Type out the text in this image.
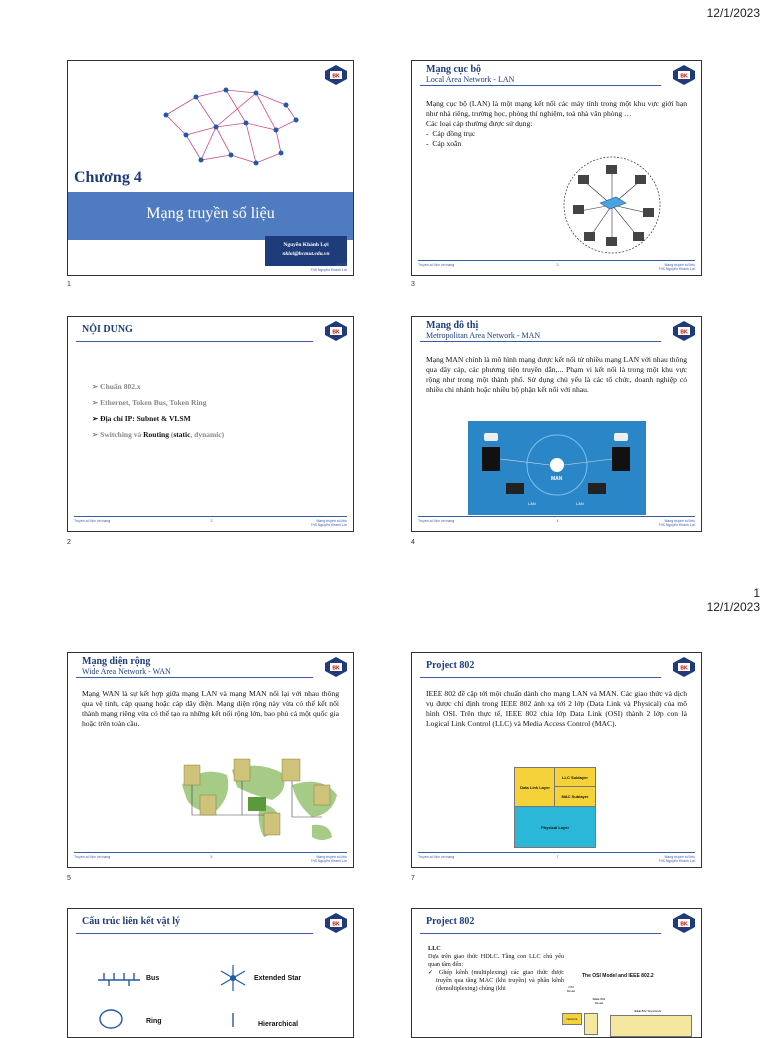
12/1/2023
1
12/1/2023
BK
Chương 4
Mạng truyền số liệu
Nguyễn Khánh Lợi
nkloi@hcmut.edu.vn
4/2018
ThS Nguyễn Khánh Lợi
1
Mạng cục bộ
Local Area Network - LAN	BK
Mạng cục bộ (LAN) là một mạng kết nối các máy tính trong một khu vực giới hạn như nhà riêng, trường học, phòng thí nghiệm, toà nhà văn phòng …
Các loại cáp thường được sử dụng:
-  Cáp đồng trục
-  Cáp xoắn
Truyền số liệu và mạng	3	Mạng truyền số liệu
ThS Nguyễn Khánh Lợi
3
NỘI DUNG	BK
➢ Chuẩn 802.x
➢ Ethernet, Token Bus, Token Ring
➢ Địa chỉ IP: Subnet & VLSM
➢ Switching và Routing (static, dynamic)
Truyền số liệu và mạng	2	Mạng truyền số liệu
ThS Nguyễn Khánh Lợi
2
Mạng đô thị
Metropolitan Area Network - MAN	BK
Mạng MAN chính là mô hình mạng được kết nối từ nhiều mạng LAN với nhau thông qua dây cáp, các phương tiện truyền dẫn,... Phạm vi kết nối là trong một khu vực rộng như trong một thành phố. Sử dụng chủ yếu là các tổ chức, doanh nghiệp có nhiều chi nhánh hoặc nhiều bộ phận kết nối với nhau.
MAN
LAN	LAN
Truyền số liệu và mạng	4	Mạng truyền số liệu
ThS Nguyễn Khánh Lợi
4
Mạng diện rộng
Wide Area Network - WAN	BK
Mạng WAN là sự kết hợp giữa mạng LAN và mạng MAN nối lại với nhau thông qua vệ tinh, cáp quang hoặc cáp dây điện. Mạng diện rộng này vừa có thể kết nối thành mạng riêng vừa có thể tạo ra những kết nối rộng lớn, bao phủ cả một quốc gia hoặc trên toàn cầu.
Truyền số liệu và mạng	5	Mạng truyền số liệu
ThS Nguyễn Khánh Lợi
5
Project 802	BK
IEEE 802 đề cập tới một chuẩn dành cho mạng LAN và MAN. Các giao thức và dịch vụ được chỉ định trong IEEE 802 ánh xạ tới 2 lớp (Data Link và Physical) của mô hình OSI. Trên thực tế, IEEE 802 chia lớp Data Link (OSI) thành 2 lớp con là Logical Link Control (LLC) và Media Access Control (MAC).
Data Link Layer
LLC Sublayer
MAC Sublayer
Physical Layer
Truyền số liệu và mạng	7	Mạng truyền số liệu
ThS Nguyễn Khánh Lợi
7
Cấu trúc liên kết vật lý	BK
Bus	Extended Star
Ring	Hierarchical
Project 802	BK
LLC
Dựa trên giao thức HDLC. Tầng con LLC chủ yếu quan tâm đến:
✓ Ghép kênh (multiplexing) các giao thức được truyền qua tầng MAC (khi truyền) và phân kênh (demultiplexing) chúng (khi
The OSI Model and IEEE 802.2
OSI Model
IEEE 802 Model
IEEE 802 Standards
Network
